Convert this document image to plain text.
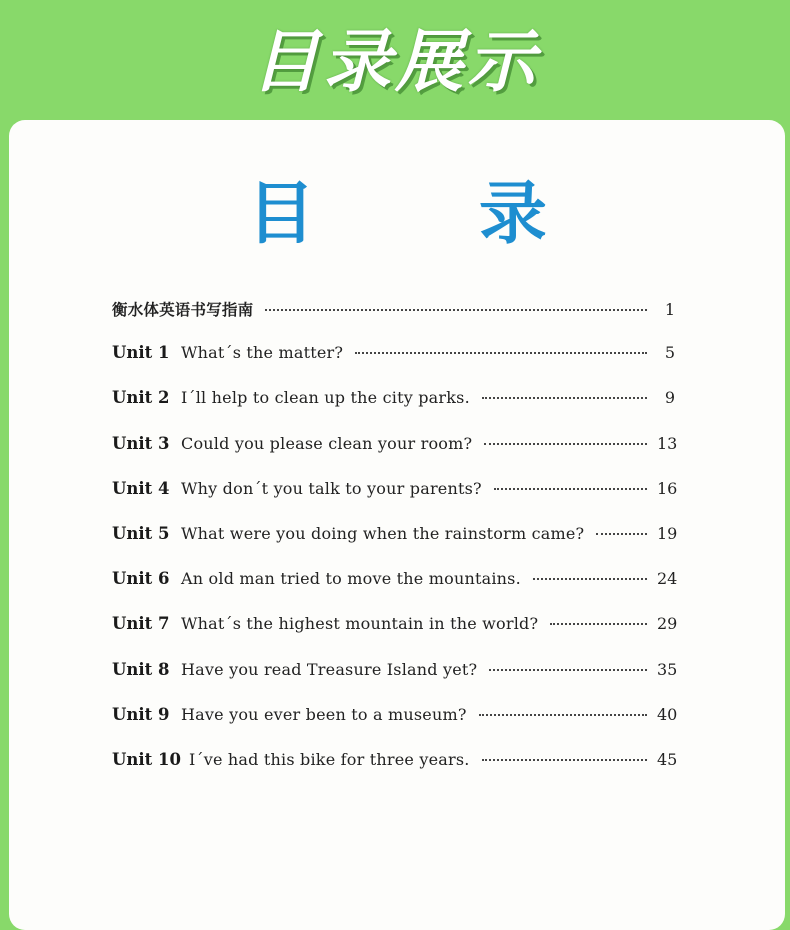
目录展示
目 录
衡水体英语书写指南	1
Unit 1 What´s the matter?	5
Unit 2 I´ll help to clean up the city parks.	9
Unit 3 Could you please clean your room?	13
Unit 4 Why don´t you talk to your parents?	16
Unit 5 What were you doing when the rainstorm came?	19
Unit 6 An old man tried to move the mountains.	24
Unit 7 What´s the highest mountain in the world?	29
Unit 8 Have you read Treasure Island yet?	35
Unit 9 Have you ever been to a museum?	40
Unit 10 I´ve had this bike for three years.	45
